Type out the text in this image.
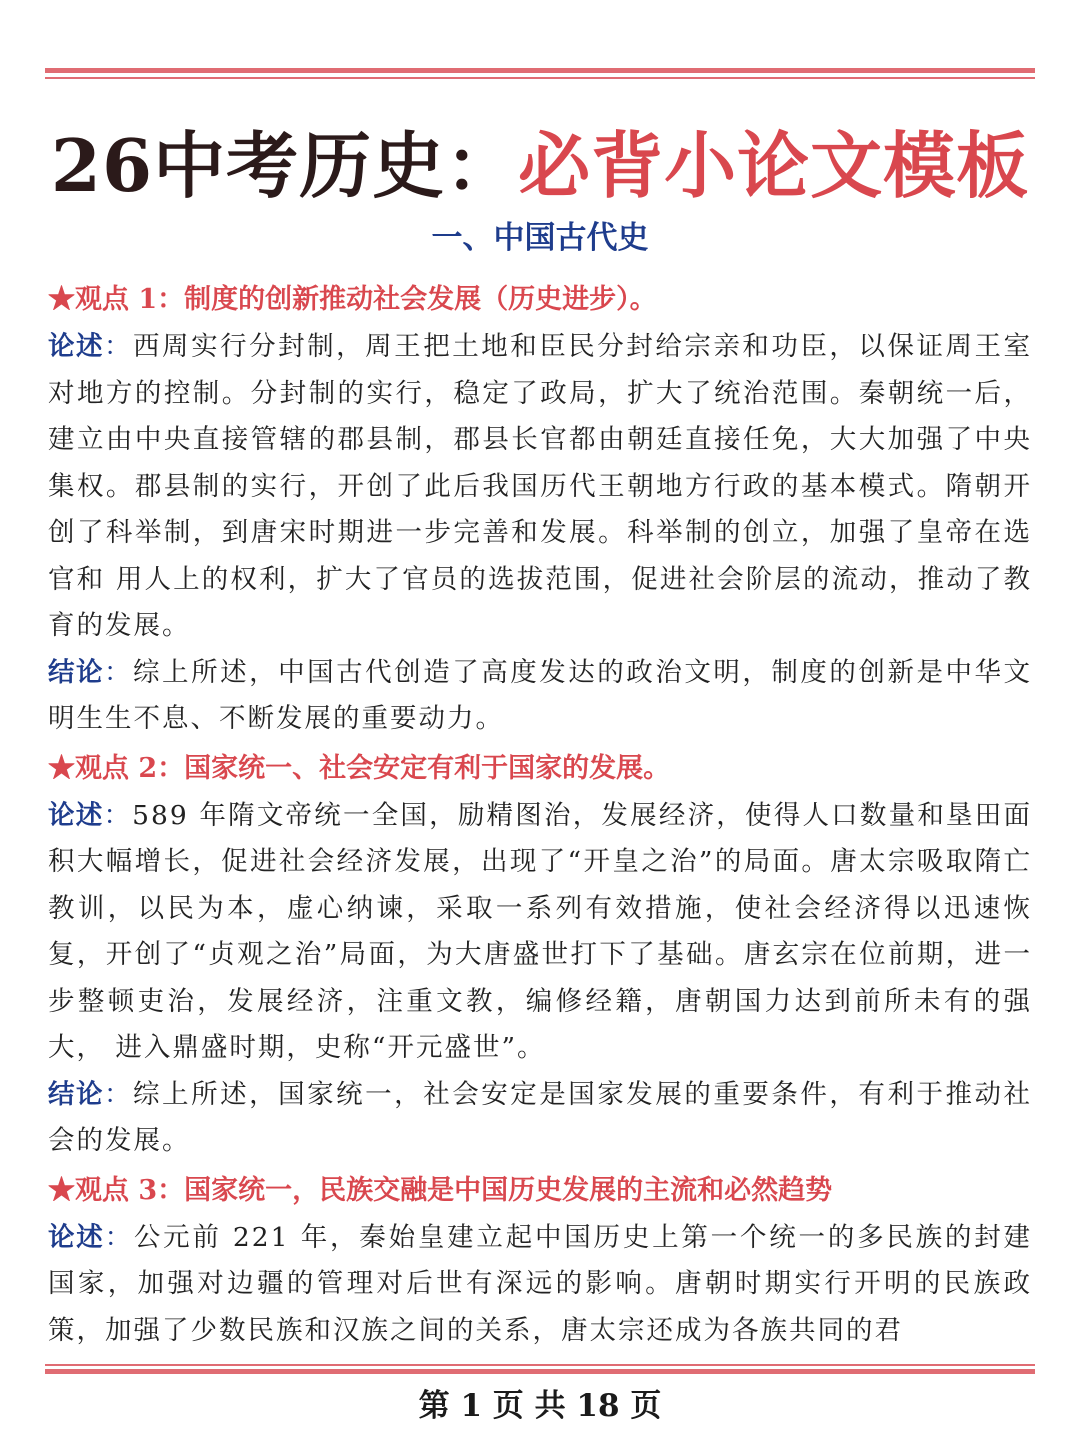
26中考历史：必背小论文模板
一、中国古代史
★观点 1：制度的创新推动社会发展（历史进步）。

论述：西周实行分封制，周王把土地和臣民分封给宗亲和功臣，以保证周王室对地方的控制。分封制的实行，稳定了政局，扩大了统治范围。秦朝统一后，建立由中央直接管辖的郡县制，郡县长官都由朝廷直接任免，大大加强了中央集权。郡县制的实行，开创了此后我国历代王朝地方行政的基本模式。隋朝开创了科举制，到唐宋时期进一步完善和发展。科举制的创立，加强了皇帝在选官和 用人上的权利，扩大了官员的选拔范围，促进社会阶层的流动，推动了教育的发展。

结论：综上所述，中国古代创造了高度发达的政治文明，制度的创新是中华文明生生不息、不断发展的重要动力。

★观点 2：国家统一、社会安定有利于国家的发展。

论述：589 年隋文帝统一全国，励精图治，发展经济，使得人口数量和垦田面积大幅增长，促进社会经济发展，出现了“开皇之治”的局面。唐太宗吸取隋亡教训，以民为本，虚心纳谏，采取一系列有效措施，使社会经济得以迅速恢复，开创了“贞观之治”局面，为大唐盛世打下了基础。唐玄宗在位前期，进一步整顿吏治，发展经济，注重文教，编修经籍，唐朝国力达到前所未有的强大， 进入鼎盛时期，史称“开元盛世”。

结论：综上所述，国家统一，社会安定是国家发展的重要条件，有利于推动社会的发展。

★观点 3：国家统一，民族交融是中国历史发展的主流和必然趋势

论述：公元前 221 年，秦始皇建立起中国历史上第一个统一的多民族的封建国家，加强对边疆的管理对后世有深远的影响。唐朝时期实行开明的民族政策，加强了少数民族和汉族之间的关系，唐太宗还成为各族共同的君

第 1 页 共 18 页
